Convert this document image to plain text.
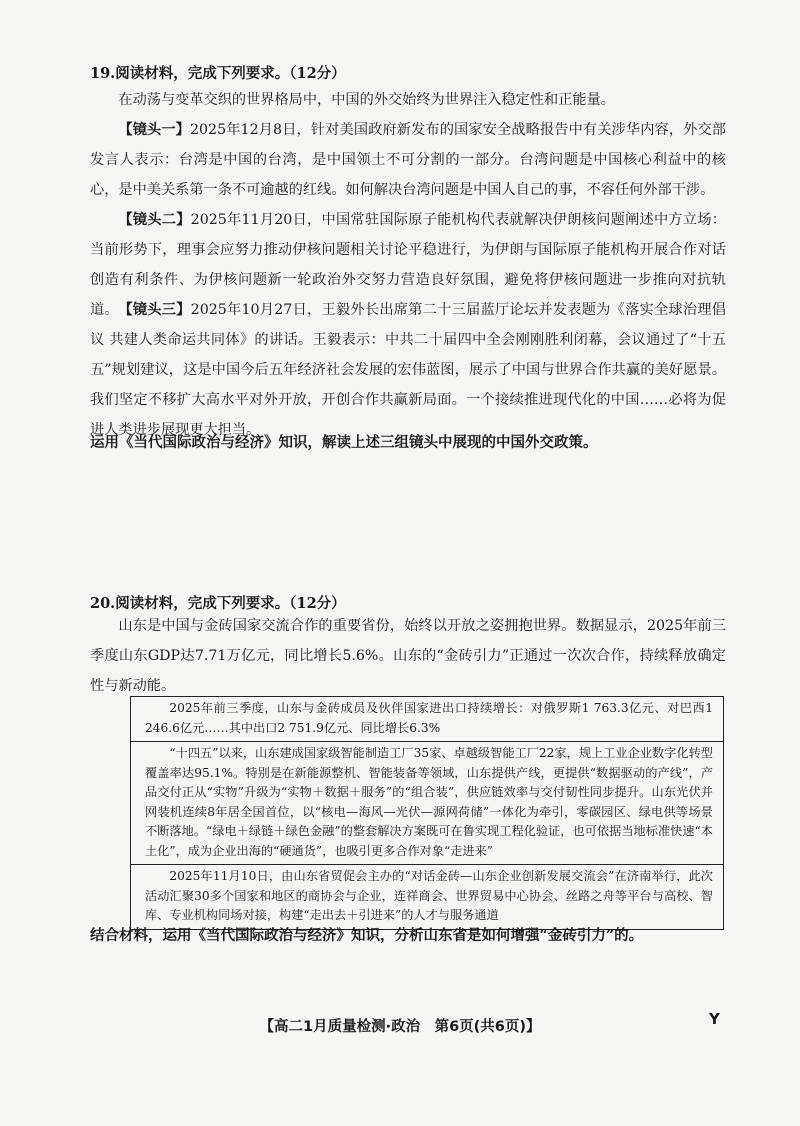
19.阅读材料，完成下列要求。（12分）
在动荡与变革交织的世界格局中，中国的外交始终为世界注入稳定性和正能量。
【镜头一】2025年12月8日，针对美国政府新发布的国家安全战略报告中有关涉华内容，外交部发言人表示：台湾是中国的台湾，是中国领土不可分割的一部分。台湾问题是中国核心利益中的核心，是中美关系第一条不可逾越的红线。如何解决台湾问题是中国人自己的事，不容任何外部干涉。
【镜头二】2025年11月20日，中国常驻国际原子能机构代表就解决伊朗核问题阐述中方立场：当前形势下，理事会应努力推动伊核问题相关讨论平稳进行，为伊朗与国际原子能机构开展合作对话创造有利条件、为伊核问题新一轮政治外交努力营造良好氛围，避免将伊核问题进一步推向对抗轨道。 【镜头三】2025年10月27日，王毅外长出席第二十三届蓝厅论坛并发表题为《落实全球治理倡议 共建人类命运共同体》的讲话。王毅表示：中共二十届四中全会刚刚胜利闭幕，会议通过了“十五五”规划建议，这是中国今后五年经济社会发展的宏伟蓝图，展示了中国与世界合作共赢的美好愿景。我们坚定不移扩大高水平对外开放，开创合作共赢新局面。一个接续推进现代化的中国……必将为促进人类进步展现更大担当。
运用《当代国际政治与经济》知识，解读上述三组镜头中展现的中国外交政策。
20.阅读材料，完成下列要求。（12分）
山东是中国与金砖国家交流合作的重要省份，始终以开放之姿拥抱世界。数据显示，2025年前三季度山东GDP达7.71万亿元，同比增长5.6%。山东的“金砖引力”正通过一次次合作，持续释放确定性与新动能。
2025年前三季度，山东与金砖成员及伙伴国家进出口持续增长：对俄罗斯1 763.3亿元、对巴西1 246.6亿元……其中出口2 751.9亿元、同比增长6.3%
“十四五”以来，山东建成国家级智能制造工厂35家、卓越级智能工厂22家，规上工业企业数字化转型覆盖率达95.1%。特别是在新能源整机、智能装备等领域，山东提供产线，更提供“数据驱动的产线”，产品交付正从“实物”升级为“实物＋数据＋服务”的“组合装”，供应链效率与交付韧性同步提升。山东光伏并网装机连续8年居全国首位，以“核电—海风—光伏—源网荷储”一体化为牵引，零碳园区、绿电供等场景不断落地。“绿电＋绿链＋绿色金融”的整套解决方案既可在鲁实现工程化验证，也可依据当地标准快速“本土化”，成为企业出海的“硬通货”，也吸引更多合作对象“走进来”
2025年11月10日，由山东省贸促会主办的“对话金砖—山东企业创新发展交流会”在济南举行，此次活动汇聚30多个国家和地区的商协会与企业，连祥商会、世界贸易中心协会、丝路之舟等平台与高校、智库、专业机构同场对接，构建“走出去＋引进来”的人才与服务通道
结合材料，运用《当代国际政治与经济》知识，分析山东省是如何增强“金砖引力”的。
【高二1月质量检测·政治　第6页(共6页)】	Y
